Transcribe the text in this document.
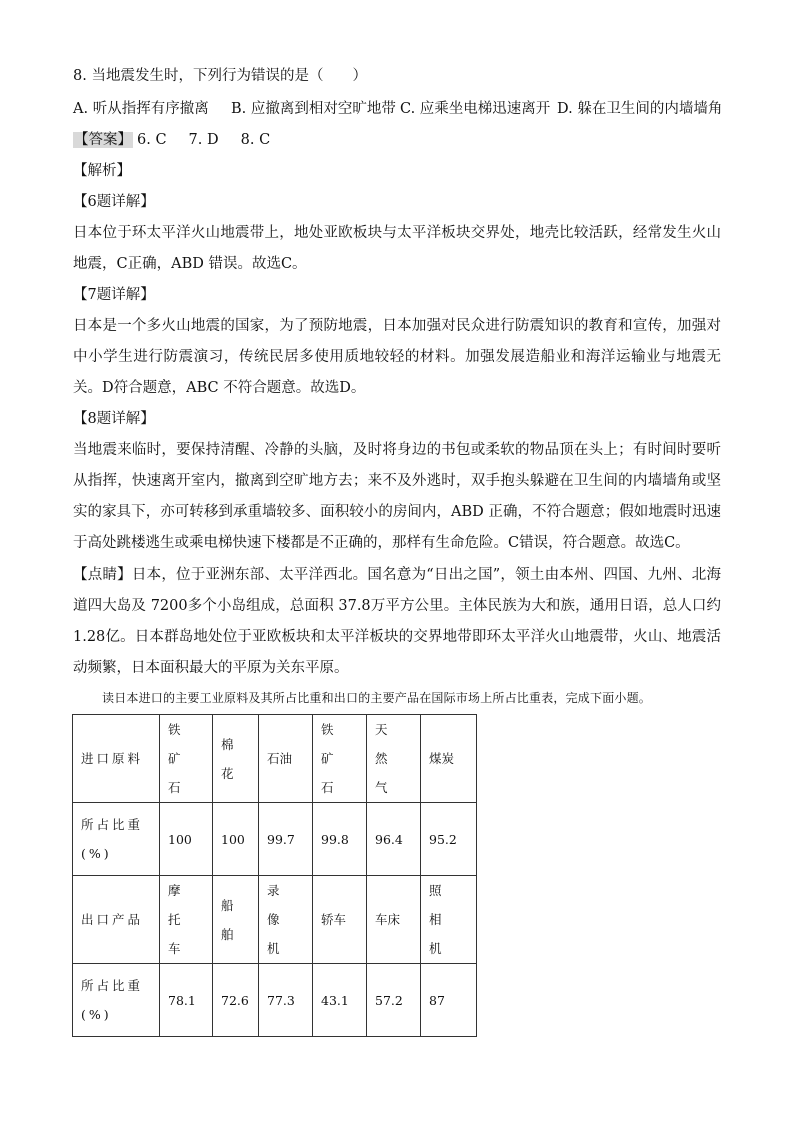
8. 当地震发生时，下列行为错误的是（　　）
A. 听从指挥有序撤离 B. 应撤离到相对空旷地带 C. 应乘坐电梯迅速离开 D. 躲在卫生间的内墙墙角
【答案】 6. C 7. D 8. C
【解析】
【6题详解】
日本位于环太平洋火山地震带上，地处亚欧板块与太平洋板块交界处，地壳比较活跃，经常发生火山地震，C正确，ABD 错误。故选C。
【7题详解】
日本是一个多火山地震的国家，为了预防地震，日本加强对民众进行防震知识的教育和宣传，加强对中小学生进行防震演习，传统民居多使用质地较轻的材料。加强发展造船业和海洋运输业与地震无关。D符合题意，ABC 不符合题意。故选D。
【8题详解】
当地震来临时，要保持清醒、冷静的头脑，及时将身边的书包或柔软的物品顶在头上；有时间时要听从指挥，快速离开室内，撤离到空旷地方去；来不及外逃时，双手抱头躲避在卫生间的内墙墙角或坚实的家具下，亦可转移到承重墙较多、面积较小的房间内，ABD 正确，不符合题意；假如地震时迅速于高处跳楼逃生或乘电梯快速下楼都是不正确的，那样有生命危险。C错误，符合题意。故选C。
【点睛】日本，位于亚洲东部、太平洋西北。国名意为“日出之国”，领土由本州、四国、九州、北海道四大岛及 7200多个小岛组成，总面积 37.8万平方公里。主体民族为大和族，通用日语，总人口约 1.28亿。日本群岛地处位于亚欧板块和太平洋板块的交界地带即环太平洋火山地震带，火山、地震活动频繁，日本面积最大的平原为关东平原。
读日本进口的主要工业原料及其所占比重和出口的主要产品在国际市场上所占比重表，完成下面小题。
进口原料	铁矿石	棉花	石油	铁矿石	天然气	煤炭
所占比重(%)	100	100	99.7	99.8	96.4	95.2
出口产品	摩托车	船舶	录像机	轿车	车床	照相机
所占比重(%)	78.1	72.6	77.3	43.1	57.2	87
